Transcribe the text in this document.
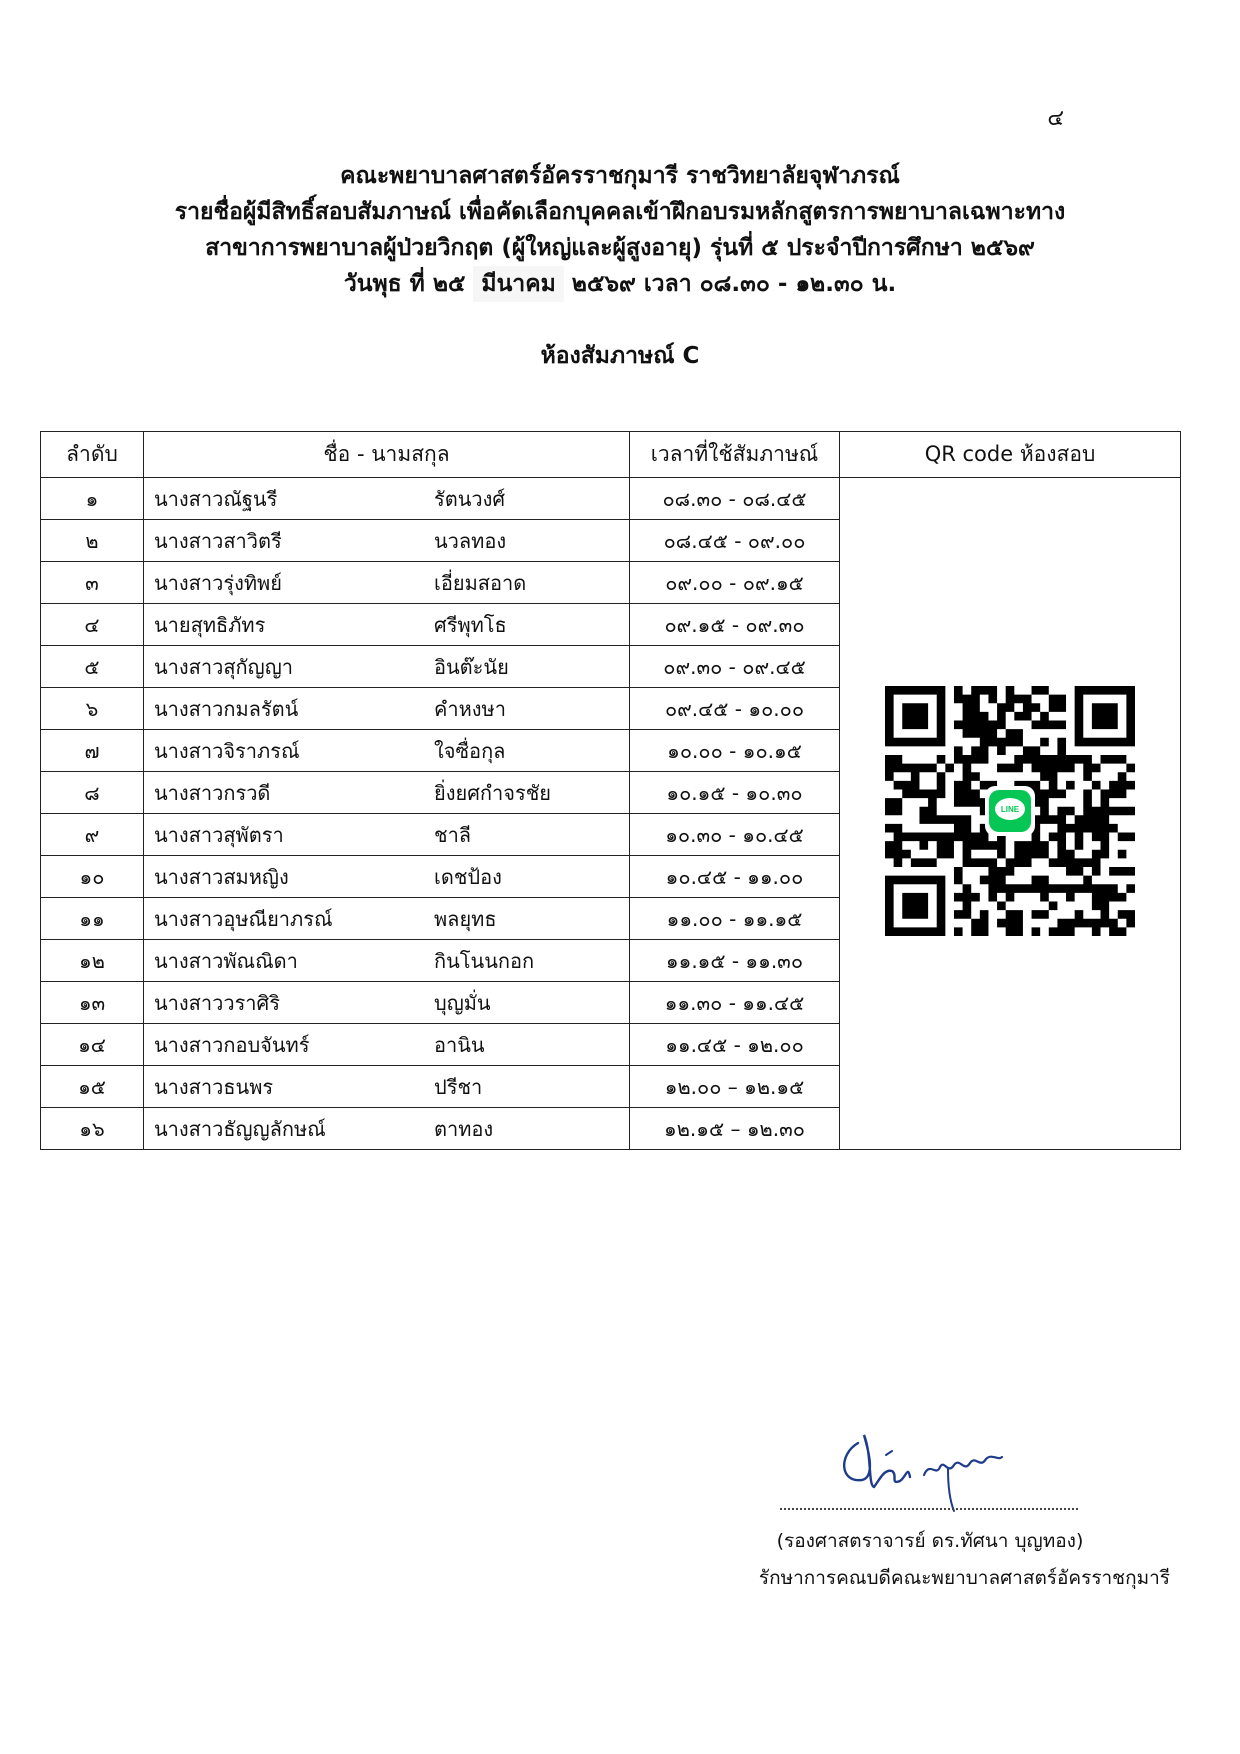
๔
คณะพยาบาลศาสตร์อัครราชกุมารี ราชวิทยาลัยจุฬาภรณ์
รายชื่อผู้มีสิทธิ์สอบสัมภาษณ์ เพื่อคัดเลือกบุคคลเข้าฝึกอบรมหลักสูตรการพยาบาลเฉพาะทาง
สาขาการพยาบาลผู้ป่วยวิกฤต (ผู้ใหญ่และผู้สูงอายุ) รุ่นที่ ๕ ประจำปีการศึกษา ๒๕๖๙
วันพุธ ที่ ๒๕ มีนาคม ๒๕๖๙ เวลา ๐๘.๓๐ - ๑๒.๓๐ น.
ห้องสัมภาษณ์ C
ลำดับ	ชื่อ - นามสกุล	เวลาที่ใช้สัมภาษณ์	QR code ห้องสอบ
๑	นางสาวณัฐนรี รัตนวงศ์	๐๘.๓๐ - ๐๘.๔๕	LINE

๒	นางสาวสาวิตรี นวลทอง	๐๘.๔๕ - ๐๙.๐๐	
๓	นางสาวรุ่งทิพย์ เอี่ยมสอาด	๐๙.๐๐ - ๐๙.๑๕	
๔	นายสุทธิภัทร ศรีพุทโธ	๐๙.๑๕ - ๐๙.๓๐	
๕	นางสาวสุกัญญา อินต๊ะนัย	๐๙.๓๐ - ๐๙.๔๕	
๖	นางสาวกมลรัตน์ คำหงษา	๐๙.๔๕ - ๑๐.๐๐	
๗	นางสาวจิราภรณ์ ใจซื่อกุล	๑๐.๐๐ - ๑๐.๑๕	
๘	นางสาวกรวดี ยิ่งยศกำจรชัย	๑๐.๑๕ - ๑๐.๓๐	
๙	นางสาวสุพัตรา ชาลี	๑๐.๓๐ - ๑๐.๔๕	
๑๐	นางสาวสมหญิง เดชป้อง	๑๐.๔๕ - ๑๑.๐๐	
๑๑	นางสาวอุษณียาภรณ์ พลยุทธ	๑๑.๐๐ - ๑๑.๑๕	
๑๒	นางสาวพัณณิดา กินโนนกอก	๑๑.๑๕ - ๑๑.๓๐	
๑๓	นางสาววราศิริ บุญมั่น	๑๑.๓๐ - ๑๑.๔๕	
๑๔	นางสาวกอบจันทร์ อานิน	๑๑.๔๕ - ๑๒.๐๐	
๑๕	นางสาวธนพร ปรีชา	๑๒.๐๐ – ๑๒.๑๕	
๑๖	นางสาวธัญญลักษณ์ ตาทอง	๑๒.๑๕ – ๑๒.๓๐	
(รองศาสตราจารย์ ดร.ทัศนา บุญทอง)
รักษาการคณบดีคณะพยาบาลศาสตร์อัครราชกุมารี
